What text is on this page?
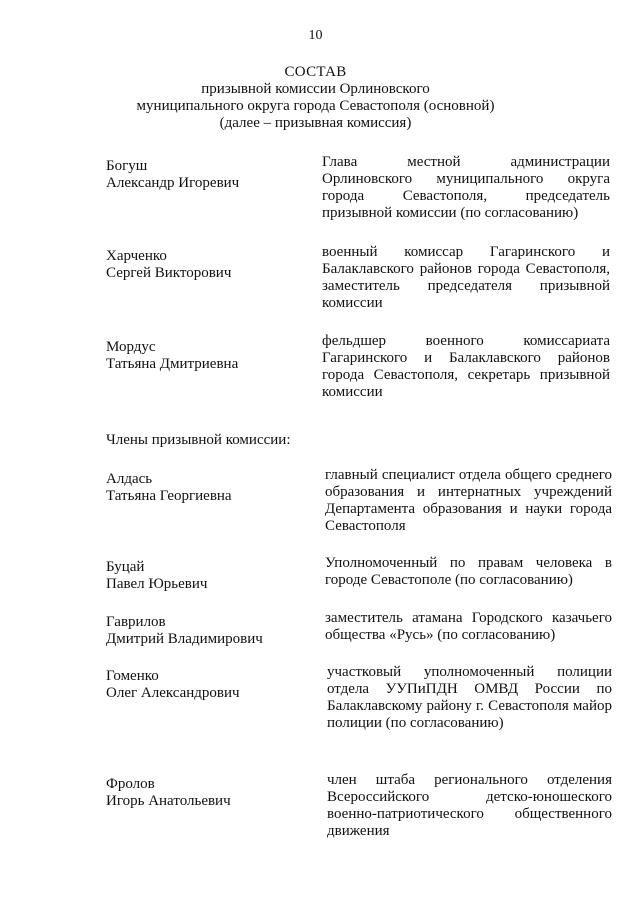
10
СОСТАВ
призывной комиссии Орлиновского
муниципального округа города Севастополя (основной)
(далее – призывная комиссия)
Богуш
Александр Игоревич
Глава местной администрации Орлиновского муниципального округа города Севастополя, председатель призывной комиссии (по согласованию)
Харченко
Сергей Викторович
военный комиссар Гагаринского и Балаклавского районов города Севастополя, заместитель председателя призывной комиссии
Мордус
Татьяна Дмитриевна
фельдшер военного комиссариата Гагаринского и Балаклавского районов города Севастополя, секретарь призывной комиссии
Члены призывной комиссии:
Алдась
Татьяна Георгиевна
главный специалист отдела общего среднего образования и интернатных учреждений Департамента образования и науки города Севастополя
Буцай
Павел Юрьевич
Уполномоченный по правам человека в городе Севастополе (по согласованию)
Гаврилов
Дмитрий Владимирович
заместитель атамана Городского казачьего общества «Русь» (по согласованию)
Гоменко
Олег Александрович
участковый уполномоченный полиции отдела УУПиПДН ОМВД России по Балаклавскому району г. Севастополя майор полиции (по согласованию)
Фролов
Игорь Анатольевич
член штаба регионального отделения Всероссийского детско-юношеского военно-патриотического общественного движения
